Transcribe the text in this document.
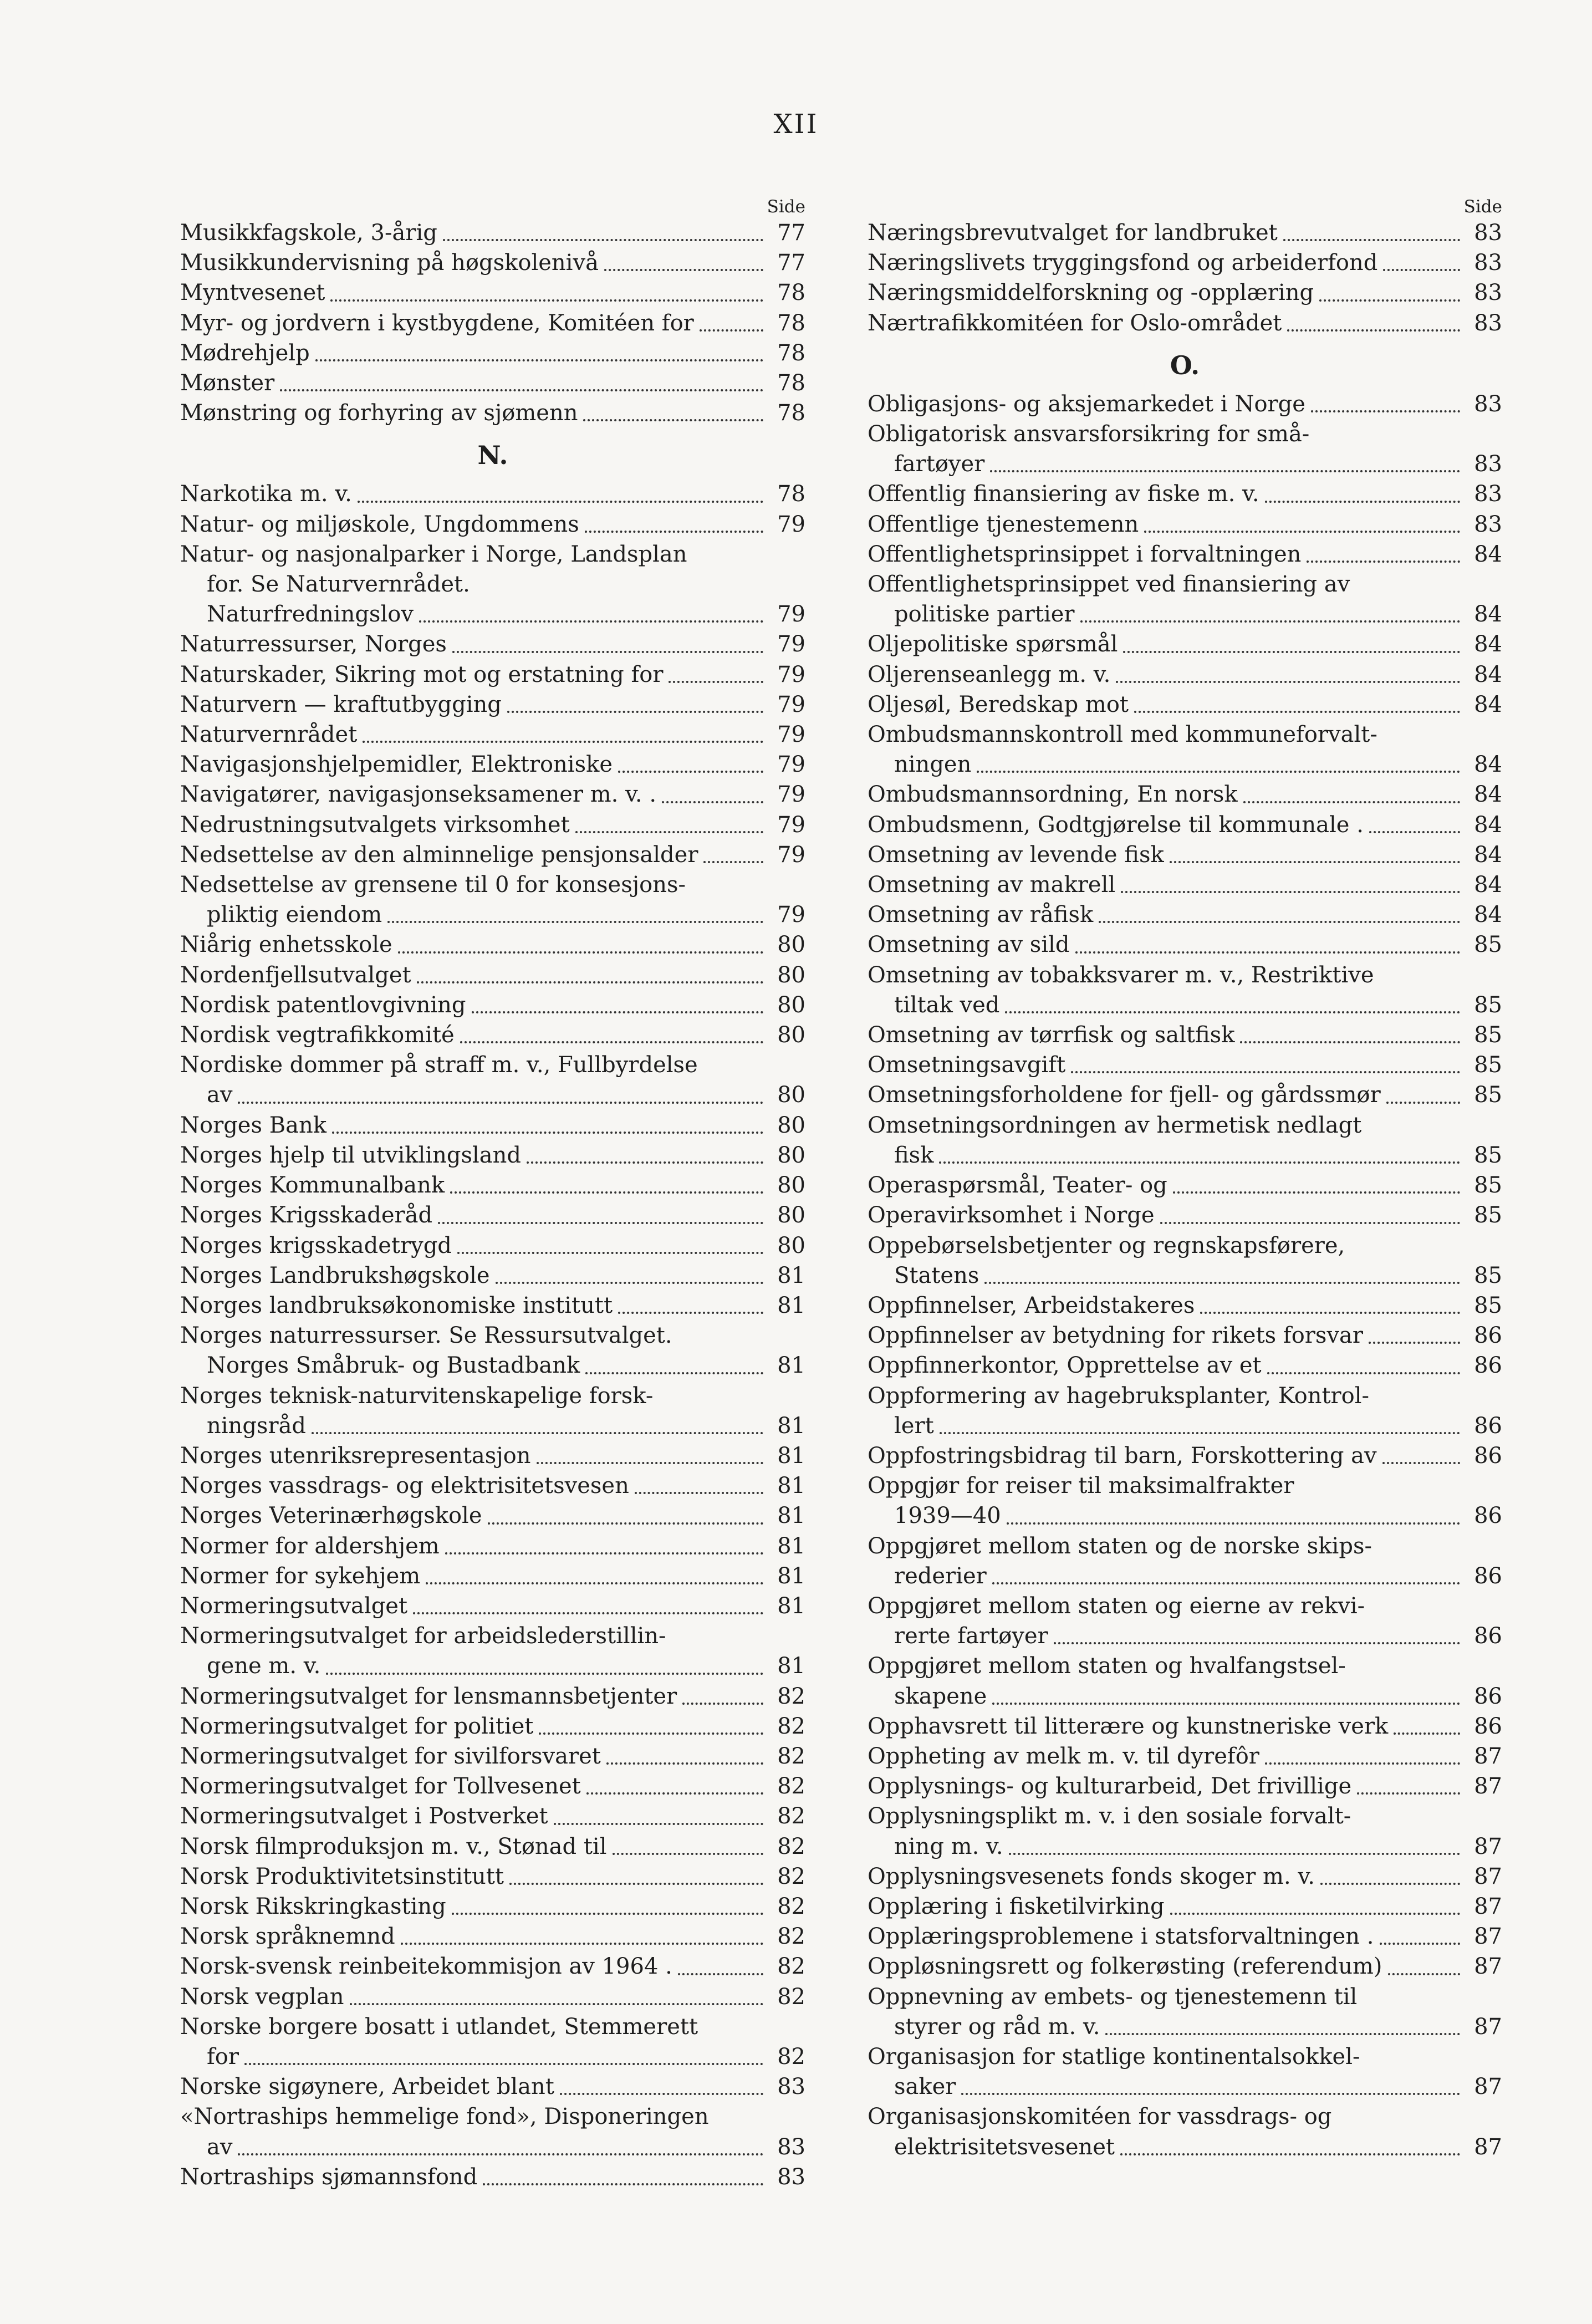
XII
Side
Musikkfagskole, 3-årig	77
Musikkundervisning på høgskolenivå	77
Myntvesenet	78
Myr- og jordvern i kystbygdene, Komitéen for	78
Mødrehjelp	78
Mønster	78
Mønstring og forhyring av sjømenn	78
N.
Narkotika m. v.	78
Natur- og miljøskole, Ungdommens	79
Natur- og nasjonalparker i Norge, Landsplan
for. Se Naturvernrådet.
Naturfredningslov	79
Naturressurser, Norges	79
Naturskader, Sikring mot og erstatning for	79
Naturvern — kraftutbygging	79
Naturvernrådet	79
Navigasjonshjelpemidler, Elektroniske	79
Navigatører, navigasjonseksamener m. v. .	79
Nedrustningsutvalgets virksomhet	79
Nedsettelse av den alminnelige pensjonsalder	79
Nedsettelse av grensene til 0 for konsesjons-
pliktig eiendom	79
Niårig enhetsskole	80
Nordenfjellsutvalget	80
Nordisk patentlovgivning	80
Nordisk vegtrafikkomité	80
Nordiske dommer på straff m. v., Fullbyrdelse
av	80
Norges Bank	80
Norges hjelp til utviklingsland	80
Norges Kommunalbank	80
Norges Krigsskaderåd	80
Norges krigsskadetrygd	80
Norges Landbrukshøgskole	81
Norges landbruksøkonomiske institutt	81
Norges naturressurser. Se Ressursutvalget.
Norges Småbruk- og Bustadbank	81
Norges teknisk-naturvitenskapelige forsk-
ningsråd	81
Norges utenriksrepresentasjon	81
Norges vassdrags- og elektrisitetsvesen	81
Norges Veterinærhøgskole	81
Normer for aldershjem	81
Normer for sykehjem	81
Normeringsutvalget	81
Normeringsutvalget for arbeidslederstillin-
gene m. v.	81
Normeringsutvalget for lensmannsbetjenter	82
Normeringsutvalget for politiet	82
Normeringsutvalget for sivilforsvaret	82
Normeringsutvalget for Tollvesenet	82
Normeringsutvalget i Postverket	82
Norsk filmproduksjon m. v., Stønad til	82
Norsk Produktivitetsinstitutt	82
Norsk Rikskringkasting	82
Norsk språknemnd	82
Norsk-svensk reinbeitekommisjon av 1964 .	82
Norsk vegplan	82
Norske borgere bosatt i utlandet, Stemmerett
for	82
Norske sigøynere, Arbeidet blant	83
«Nortraships hemmelige fond», Disponeringen
av	83
Nortraships sjømannsfond	83
Side
Næringsbrevutvalget for landbruket	83
Næringslivets tryggingsfond og arbeiderfond	83
Næringsmiddelforskning og -opplæring	83
Nærtrafikkomitéen for Oslo-området	83
O.
Obligasjons- og aksjemarkedet i Norge	83
Obligatorisk ansvarsforsikring for små-
fartøyer	83
Offentlig finansiering av fiske m. v.	83
Offentlige tjenestemenn	83
Offentlighetsprinsippet i forvaltningen	84
Offentlighetsprinsippet ved finansiering av
politiske partier	84
Oljepolitiske spørsmål	84
Oljerenseanlegg m. v.	84
Oljesøl, Beredskap mot	84
Ombudsmannskontroll med kommuneforvalt-
ningen	84
Ombudsmannsordning, En norsk	84
Ombudsmenn, Godtgjørelse til kommunale .	84
Omsetning av levende fisk	84
Omsetning av makrell	84
Omsetning av råfisk	84
Omsetning av sild	85
Omsetning av tobakksvarer m. v., Restriktive
tiltak ved	85
Omsetning av tørrfisk og saltfisk	85
Omsetningsavgift	85
Omsetningsforholdene for fjell- og gårdssmør	85
Omsetningsordningen av hermetisk nedlagt
fisk	85
Operaspørsmål, Teater- og	85
Operavirksomhet i Norge	85
Oppebørselsbetjenter og regnskapsførere,
Statens	85
Oppfinnelser, Arbeidstakeres	85
Oppfinnelser av betydning for rikets forsvar	86
Oppfinnerkontor, Opprettelse av et	86
Oppformering av hagebruksplanter, Kontrol-
lert	86
Oppfostringsbidrag til barn, Forskottering av	86
Oppgjør for reiser til maksimalfrakter
1939—40	86
Oppgjøret mellom staten og de norske skips-
rederier	86
Oppgjøret mellom staten og eierne av rekvi-
rerte fartøyer	86
Oppgjøret mellom staten og hvalfangstsel-
skapene	86
Opphavsrett til litterære og kunstneriske verk	86
Oppheting av melk m. v. til dyrefôr	87
Opplysnings- og kulturarbeid, Det frivillige	87
Opplysningsplikt m. v. i den sosiale forvalt-
ning m. v.	87
Opplysningsvesenets fonds skoger m. v.	87
Opplæring i fisketilvirking	87
Opplæringsproblemene i statsforvaltningen .	87
Oppløsningsrett og folkerøsting (referendum)	87
Oppnevning av embets- og tjenestemenn til
styrer og råd m. v.	87
Organisasjon for statlige kontinentalsokkel-
saker	87
Organisasjonskomitéen for vassdrags- og
elektrisitetsvesenet	87
